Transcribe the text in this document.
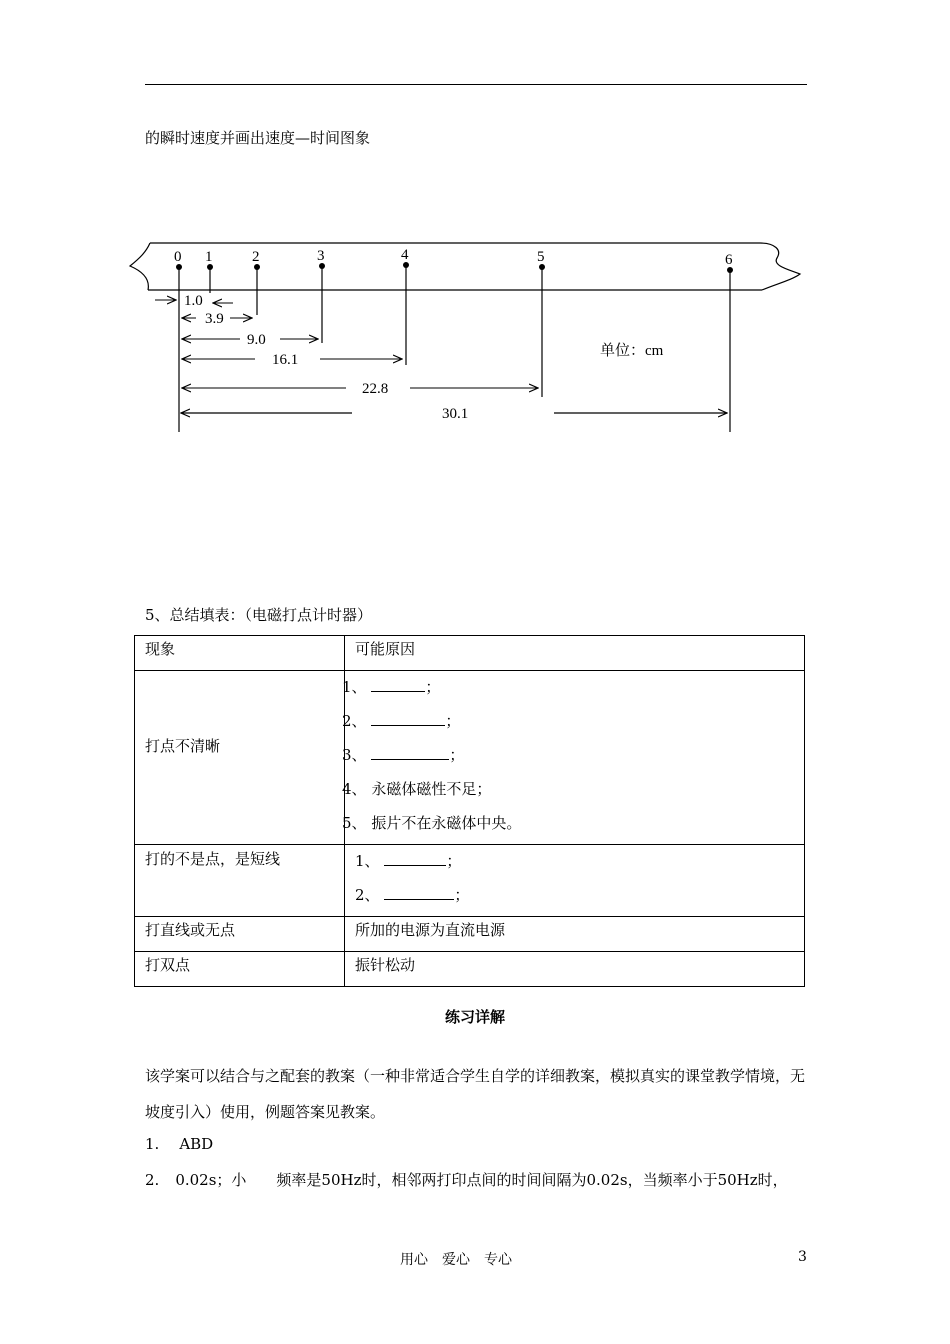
的瞬时速度并画出速度—时间图象
0 1	2	3	4	5	6
1.0
3.9
9.0
16.1
22.8
30.1
单位：cm
5、总结填表：（电磁打点计时器）
现象	可能原因
打点不清晰	1、 ；
2、 ；
3、 ；
4、 永磁体磁性不足；
5、 振片不在永磁体中央。

打的不是点，是短线	1、 ；
2、 ；

打直线或无点	所加的电源为直流电源
打双点	振针松动
练习详解
该学案可以结合与之配套的教案（一种非常适合学生自学的详细教案，模拟真实的课堂教学情境，无坡度引入）使用，例题答案见教案。
1. ABD
2. 0.02s；小　　频率是50Hz时，相邻两打印点间的时间间隔为0.02s，当频率小于50Hz时，
用心　爱心　专心	3
